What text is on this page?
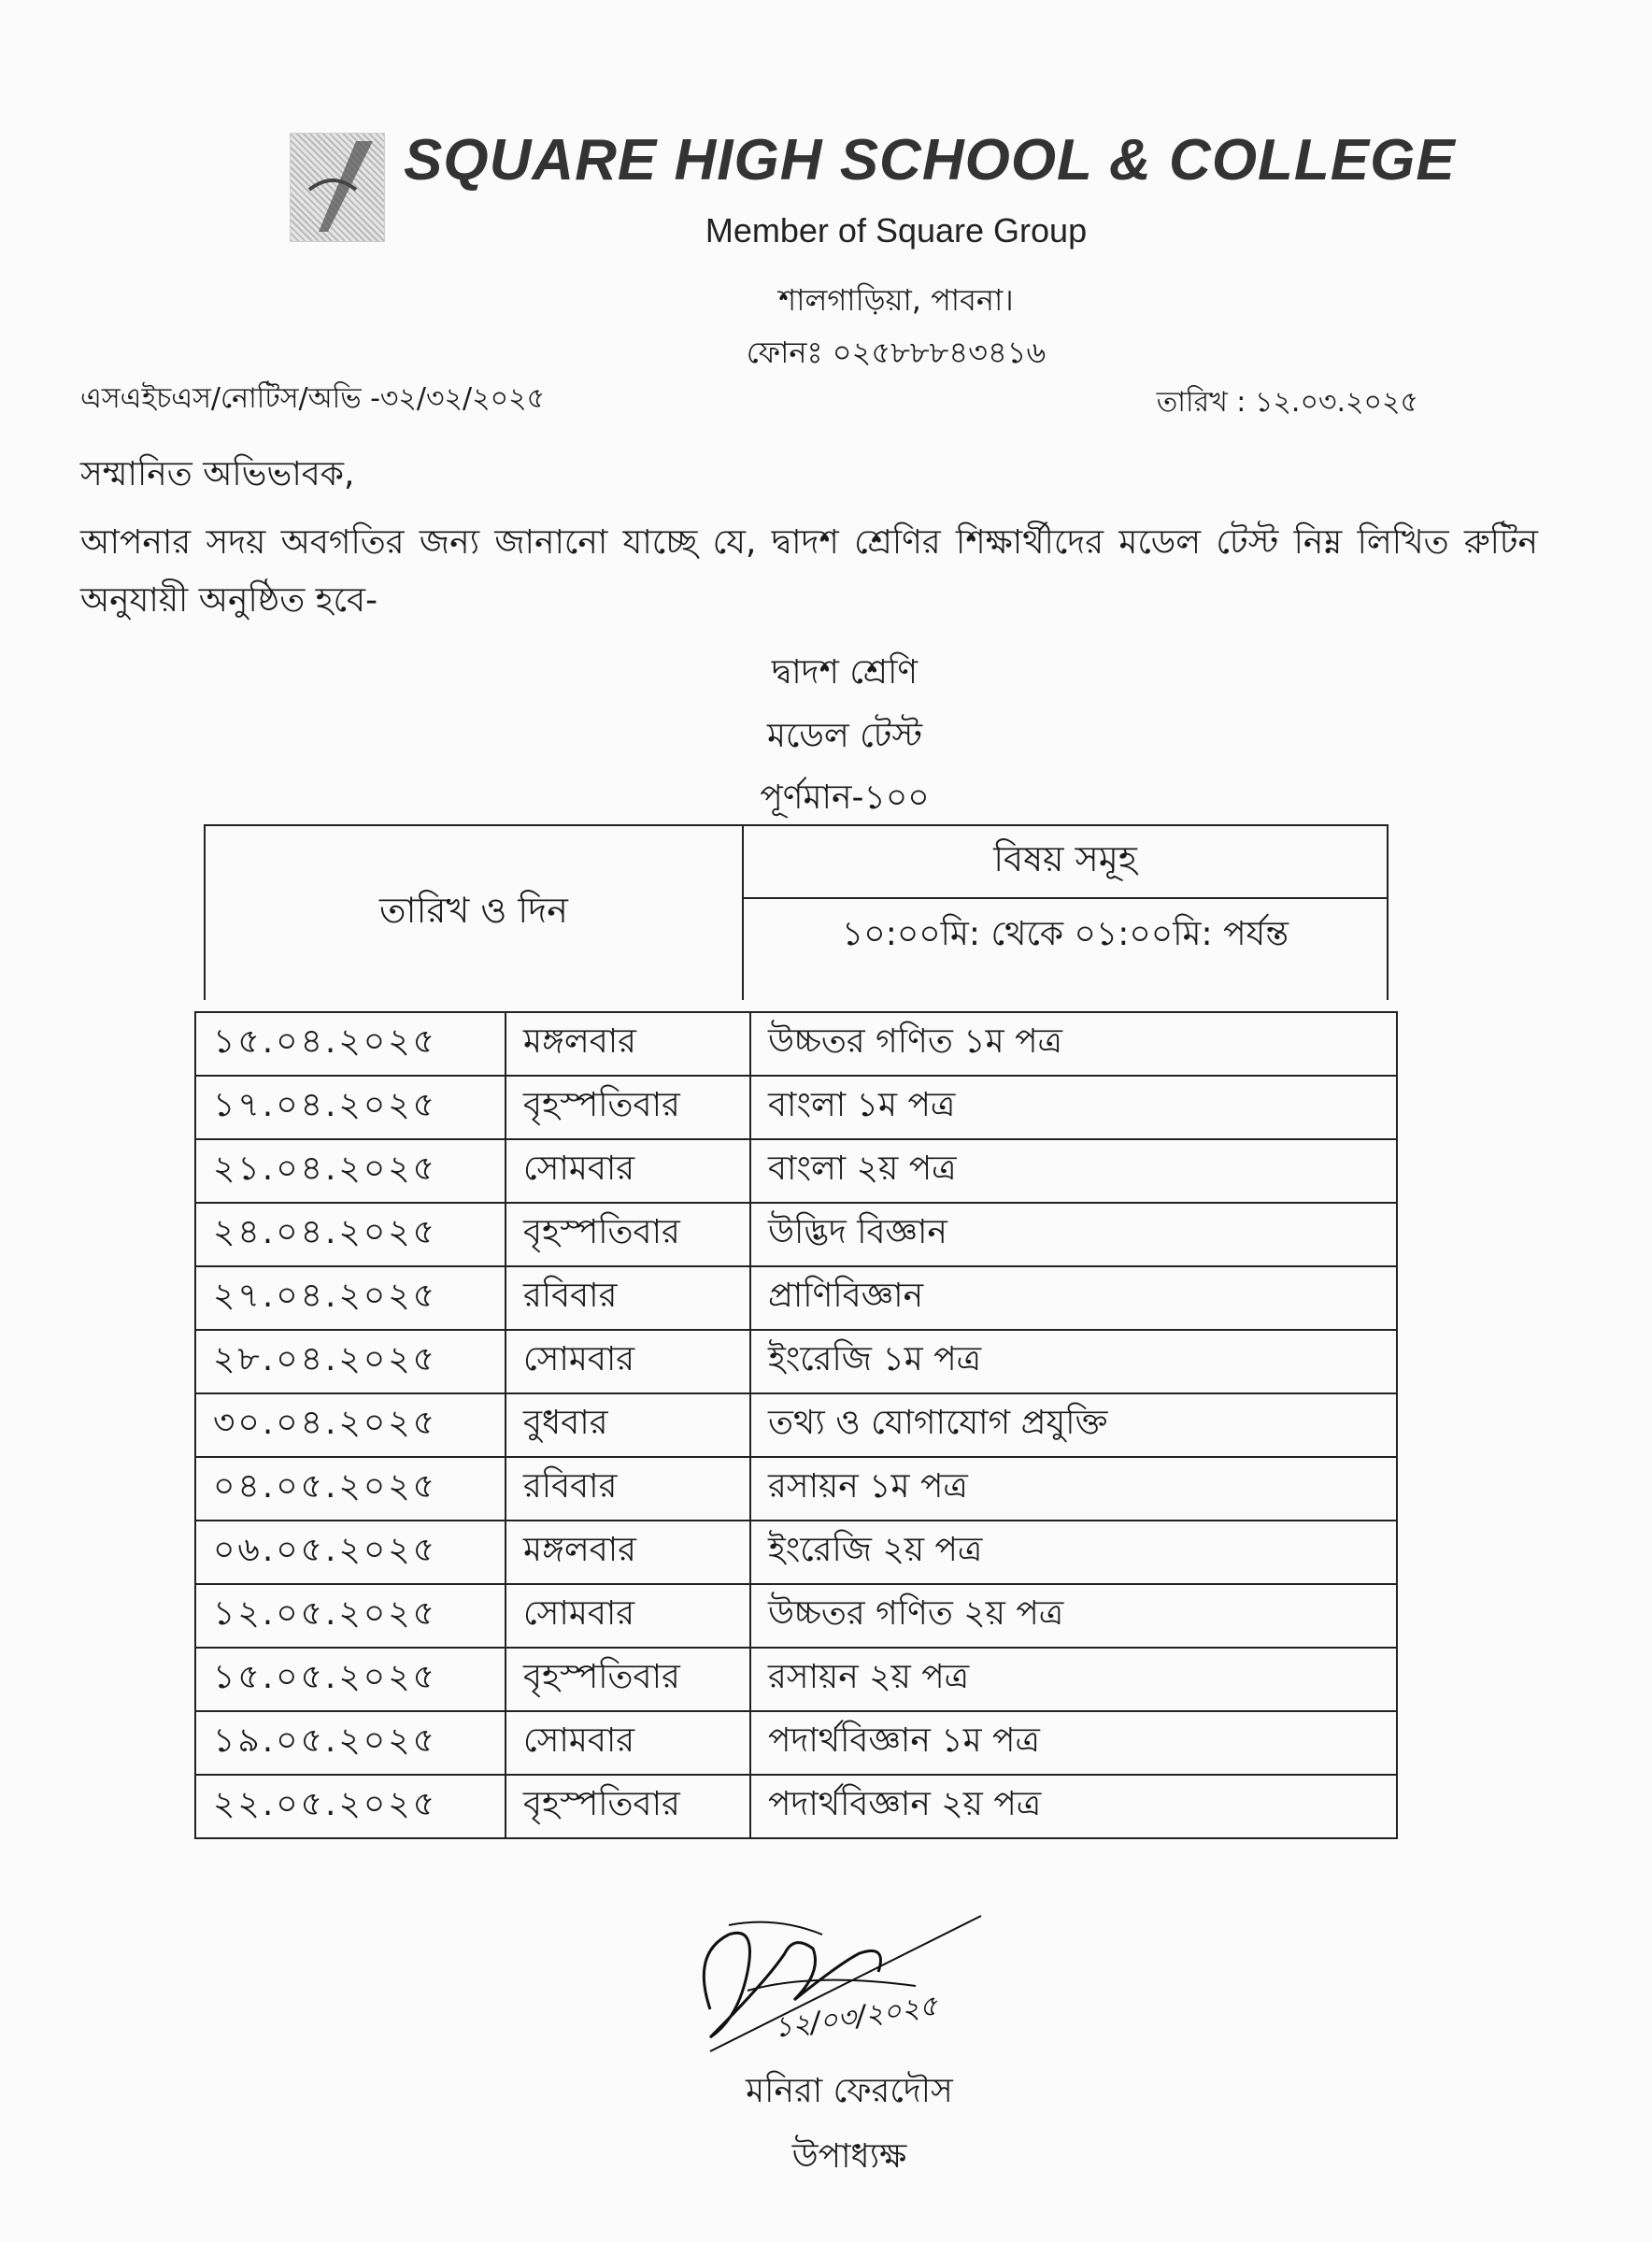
SQUARE HIGH SCHOOL & COLLEGE
Member of Square Group
শালগাড়িয়া, পাবনা।
ফোনঃ ০২৫৮৮৮৪৩৪১৬
এসএইচএস/নোটিস/অভি -৩২/৩২/২০২৫	তারিখ : ১২.০৩.২০২৫
সম্মানিত অভিভাবক,
আপনার সদয় অবগতির জন্য জানানো যাচ্ছে যে, দ্বাদশ শ্রেণির শিক্ষার্থীদের মডেল টেস্ট নিম্ন লিখিত রুটিন অনুযায়ী অনুষ্ঠিত হবে-
দ্বাদশ শ্রেণি
মডেল টেস্ট
পূর্ণমান-১০০
তারিখ ও দিন
বিষয় সমূহ
১০:০০মি: থেকে ০১:০০মি: পর্যন্ত
১৫.০৪.২০২৫	মঙ্গলবার	উচ্চতর গণিত ১ম পত্র
১৭.০৪.২০২৫	বৃহস্পতিবার	বাংলা ১ম পত্র
২১.০৪.২০২৫	সোমবার	বাংলা ২য় পত্র
২৪.০৪.২০২৫	বৃহস্পতিবার	উদ্ভিদ বিজ্ঞান
২৭.০৪.২০২৫	রবিবার	প্রাণিবিজ্ঞান
২৮.০৪.২০২৫	সোমবার	ইংরেজি ১ম পত্র
৩০.০৪.২০২৫	বুধবার	তথ্য ও যোগাযোগ প্রযুক্তি
০৪.০৫.২০২৫	রবিবার	রসায়ন ১ম পত্র
০৬.০৫.২০২৫	মঙ্গলবার	ইংরেজি ২য় পত্র
১২.০৫.২০২৫	সোমবার	উচ্চতর গণিত ২য় পত্র
১৫.০৫.২০২৫	বৃহস্পতিবার	রসায়ন ২য় পত্র
১৯.০৫.২০২৫	সোমবার	পদার্থবিজ্ঞান ১ম পত্র
২২.০৫.২০২৫	বৃহস্পতিবার	পদার্থবিজ্ঞান ২য় পত্র
১২/০৩/২০২৫
মনিরা ফেরদৌস
উপাধ্যক্ষ
